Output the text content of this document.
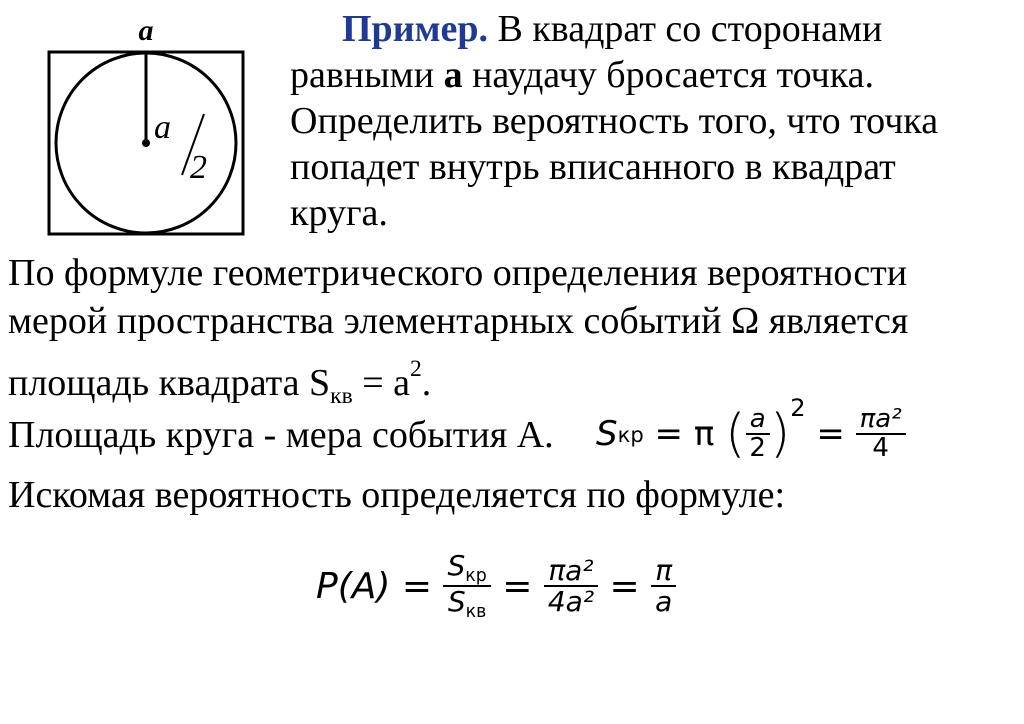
a
a
2
Пример. В квадрат со сторонами
равными а наудачу бросается точка.
Определить вероятность того, что точка
попадет внутрь вписанного в квадрат
круга.
По формуле геометрического определения вероятности
мерой пространства элементарных событий Ω является
площадь квадрата $S_{кв} = a^2$.
Площадь круга - мера события А. S кр = π ( $\frac{a}{2}$ ) 2
= $\frac{\text{πa²}}{4}$
Искомая вероятность определяется по формуле:
$P(A) = \frac{S_{кр}}{S_{кв}} = \frac{\text{πa²}}{\text{4a²}} = \frac{\pi}{a}$
